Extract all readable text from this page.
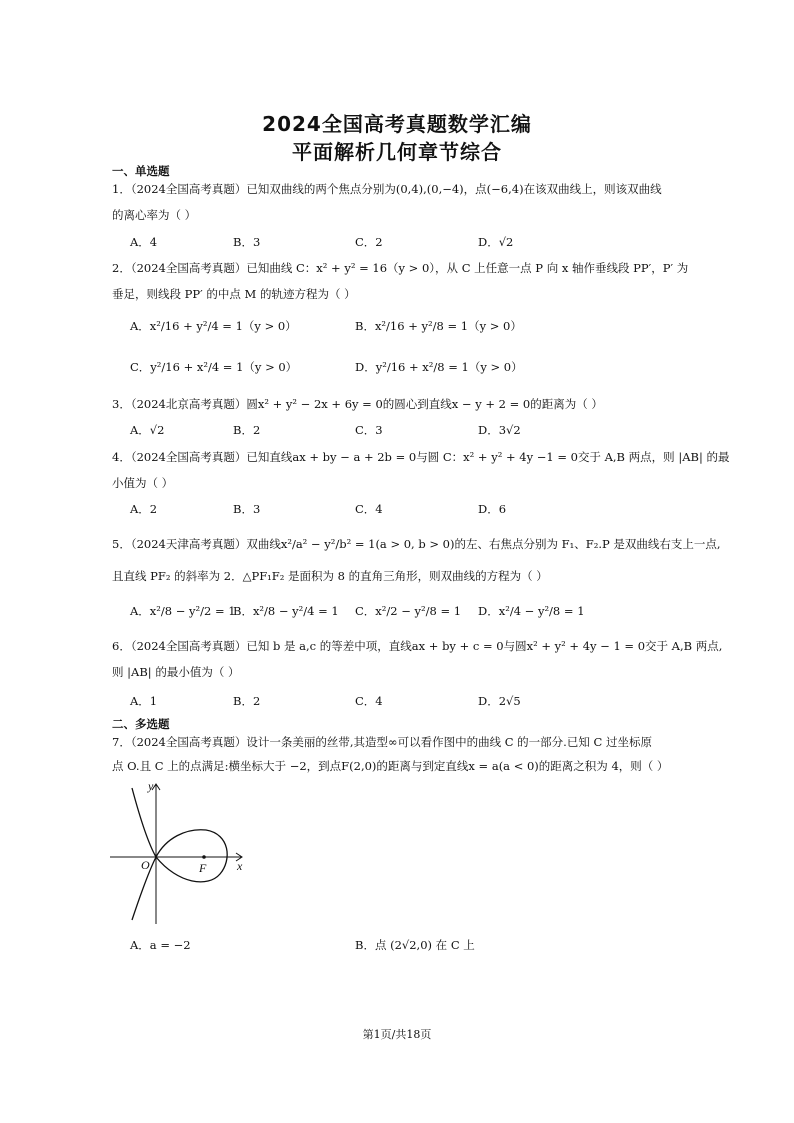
2024全国高考真题数学汇编
平面解析几何章节综合
一、单选题
1．（2024全国高考真题）已知双曲线的两个焦点分别为(0,4),(0,−4)，点(−6,4)在该双曲线上，则该双曲线
的离心率为（ ）
A．4	B．3	C．2	D．√2
2．（2024全国高考真题）已知曲线 C：x² + y² = 16（y > 0），从 C 上任意一点 P 向 x 轴作垂线段 PP′，P′ 为
垂足，则线段 PP′ 的中点 M 的轨迹方程为（ ）
A．x²/16 + y²/4 = 1（y > 0）	B．x²/16 + y²/8 = 1（y > 0）
C．y²/16 + x²/4 = 1（y > 0）	D．y²/16 + x²/8 = 1（y > 0）
3．（2024北京高考真题）圆x² + y² − 2x + 6y = 0的圆心到直线x − y + 2 = 0的距离为（ ）
A．√2	B．2	C．3	D．3√2
4．（2024全国高考真题）已知直线ax + by − a + 2b = 0与圆 C：x² + y² + 4y −1 = 0交于 A,B 两点，则 |AB| 的最
小值为（ ）
A．2	B．3	C．4	D．6
5．（2024天津高考真题）双曲线x²/a² − y²/b² = 1(a > 0, b > 0)的左、右焦点分别为 F₁、F₂.P 是双曲线右支上一点,
且直线 PF₂ 的斜率为 2．△PF₁F₂ 是面积为 8 的直角三角形，则双曲线的方程为（ ）
A．x²/8 − y²/2 = 1
B．x²/8 − y²/4 = 1 C．x²/2 − y²/8 = 1 D．x²/4 − y²/8 = 1
6．（2024全国高考真题）已知 b 是 a,c 的等差中项，直线ax + by + c = 0与圆x² + y² + 4y − 1 = 0交于 A,B 两点,
则 |AB| 的最小值为（ ）
A．1	B．2	C．4	D．2√5
二、多选题
7．（2024全国高考真题）设计一条美丽的丝带,其造型∞可以看作图中的曲线 C 的一部分.已知 C 过坐标原
点 O.且 C 上的点满足:横坐标大于 −2，到点F(2,0)的距离与到定直线x = a(a < 0)的距离之积为 4，则（ ）
y
x
O	F
A．a = −2	B．点 (2√2,0) 在 C 上
第1页/共18页
